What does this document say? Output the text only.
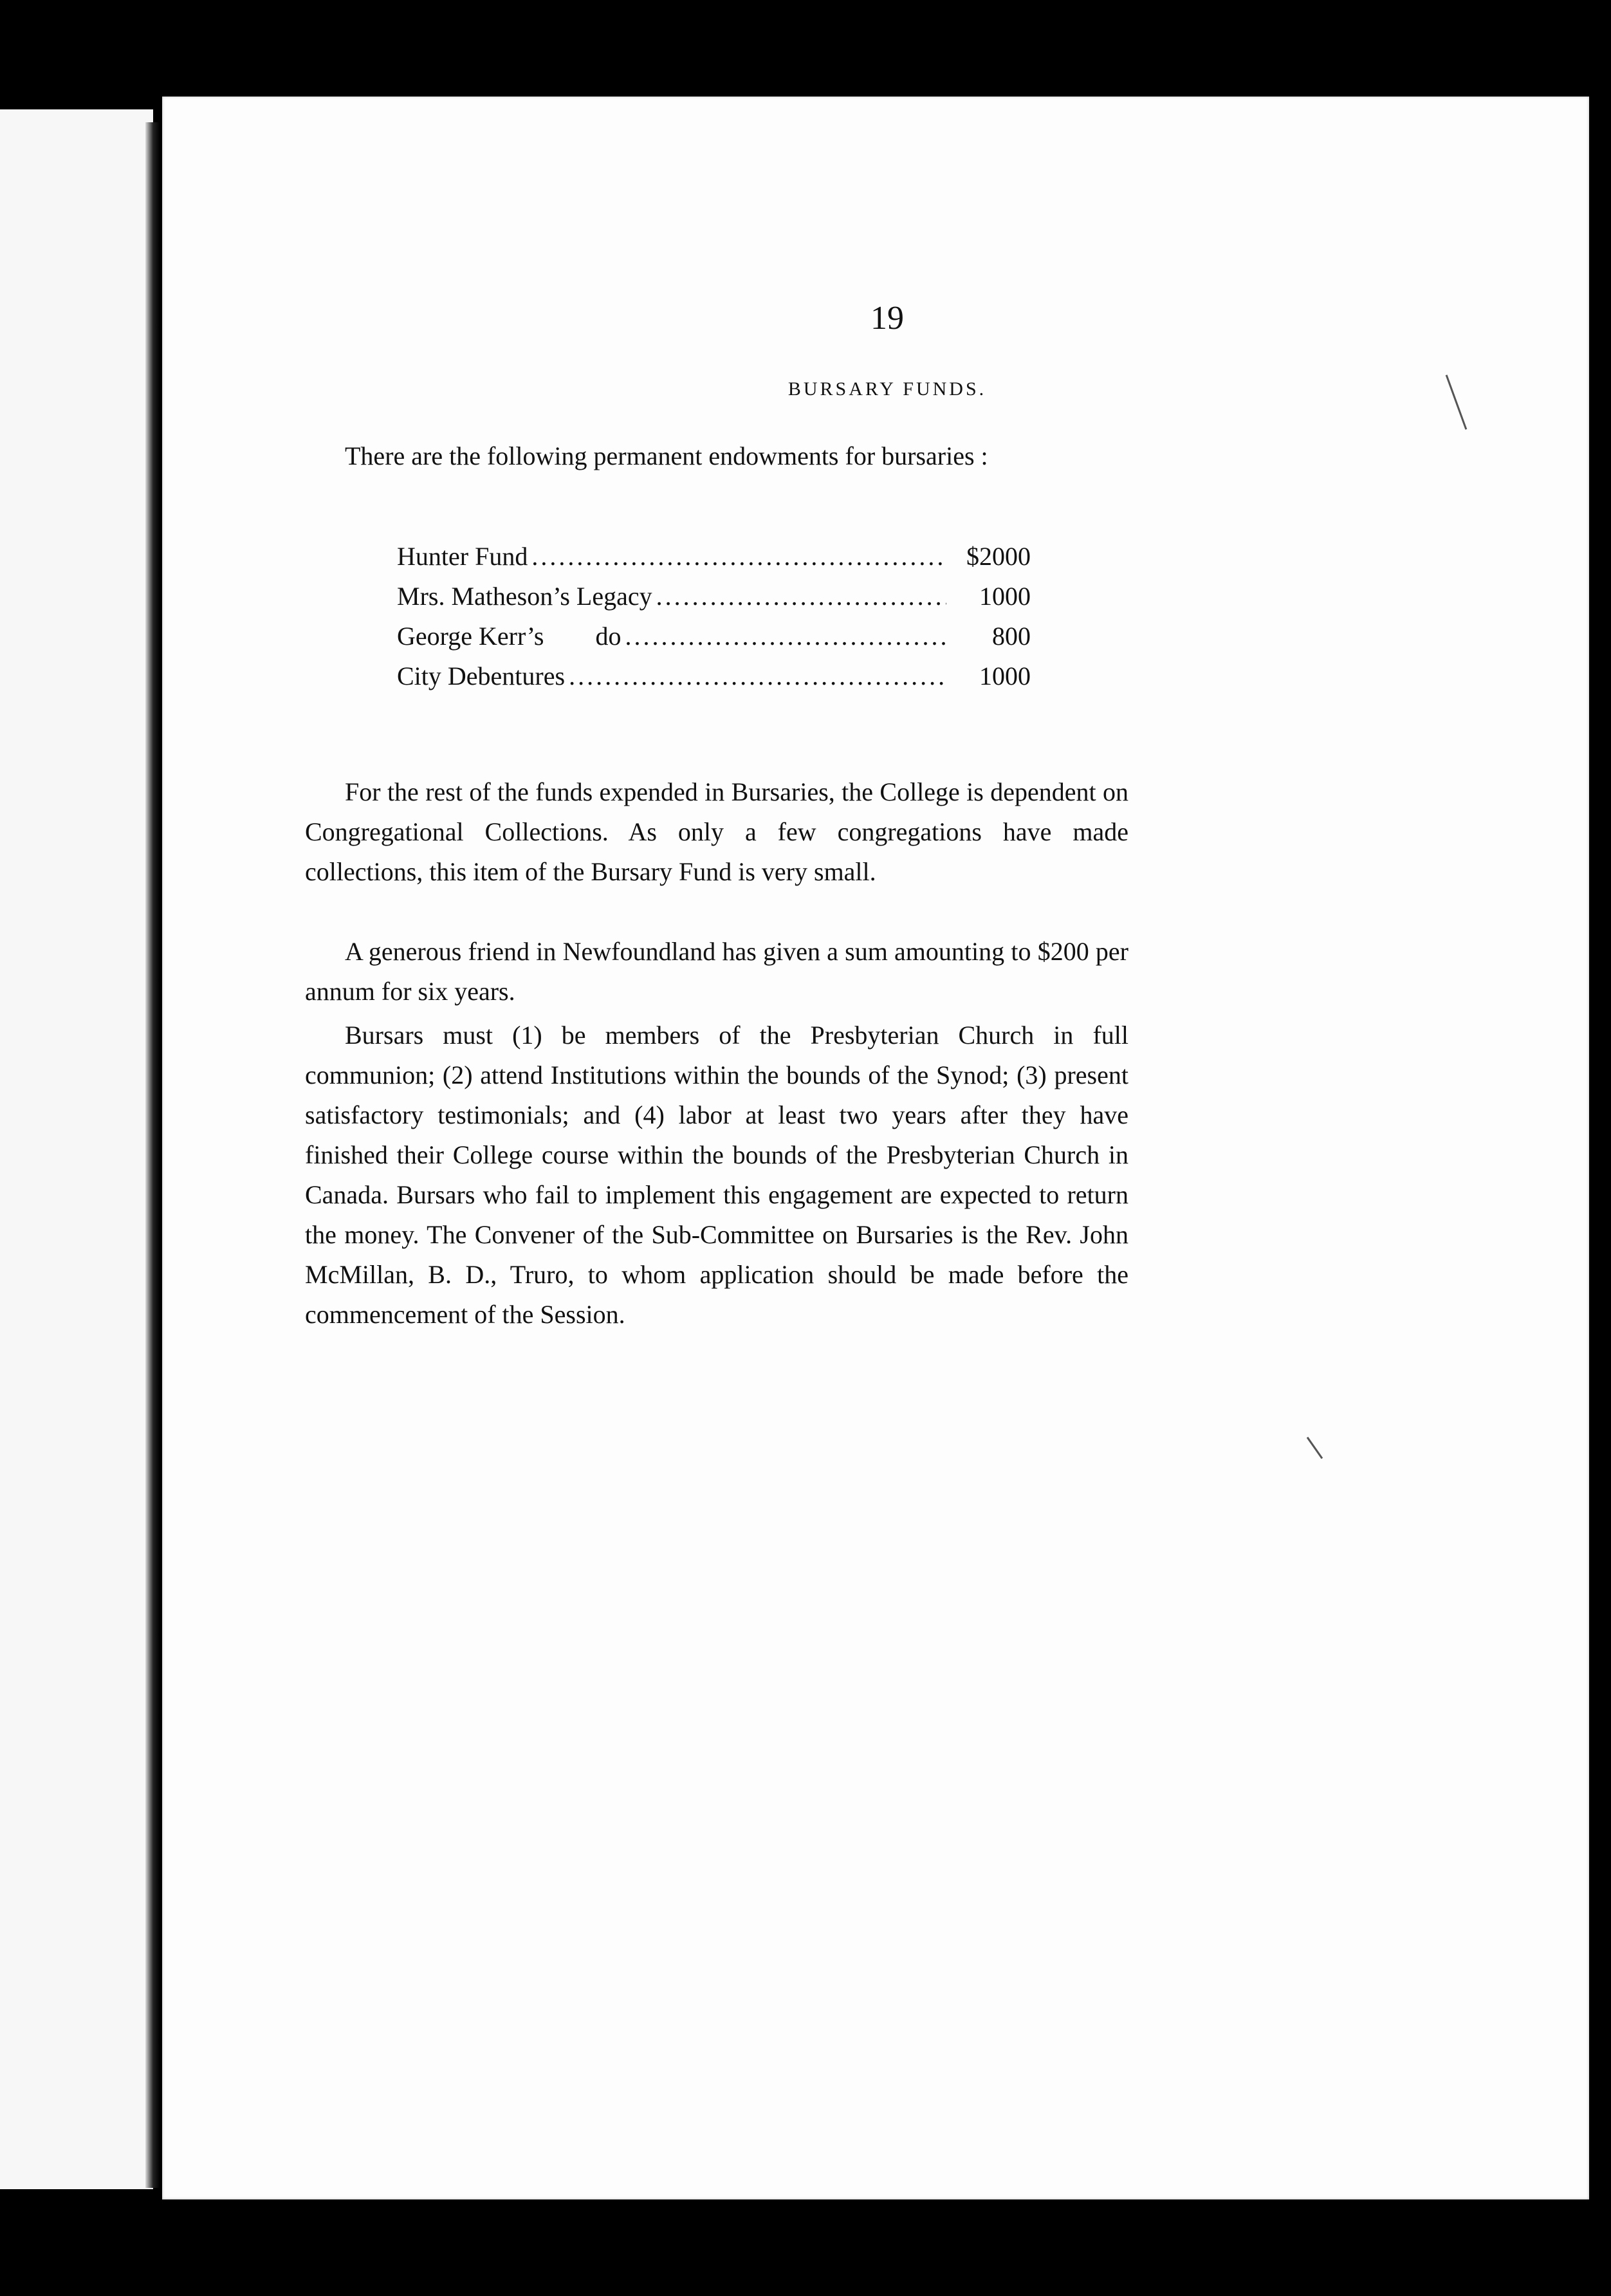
19
BURSARY FUNDS.
There are the following permanent endowments for bursaries :
Hunter Fund .....	$2000
Mrs. Matheson’s Legacy .....	1000
George Kerr’s        do .....	800
City Debentures .....	1000
For the rest of the funds expended in Bursaries, the College is dependent on Congregational Collections. As only a few congregations have made collections, this item of the Bursary Fund is very small.
A generous friend in Newfoundland has given a sum amounting to $200 per annum for six years.
Bursars must (1) be members of the Presbyterian Church in full communion; (2) attend Institutions within the bounds of the Synod; (3) present satisfactory testimonials; and (4) labor at least two years after they have finished their College course within the bounds of the Presbyterian Church in Canada. Bursars who fail to implement this engagement are expected to return the money. The Convener of the Sub-Committee on Bursaries is the Rev. John McMillan, B. D., Truro, to whom application should be made before the commencement of the Session.
